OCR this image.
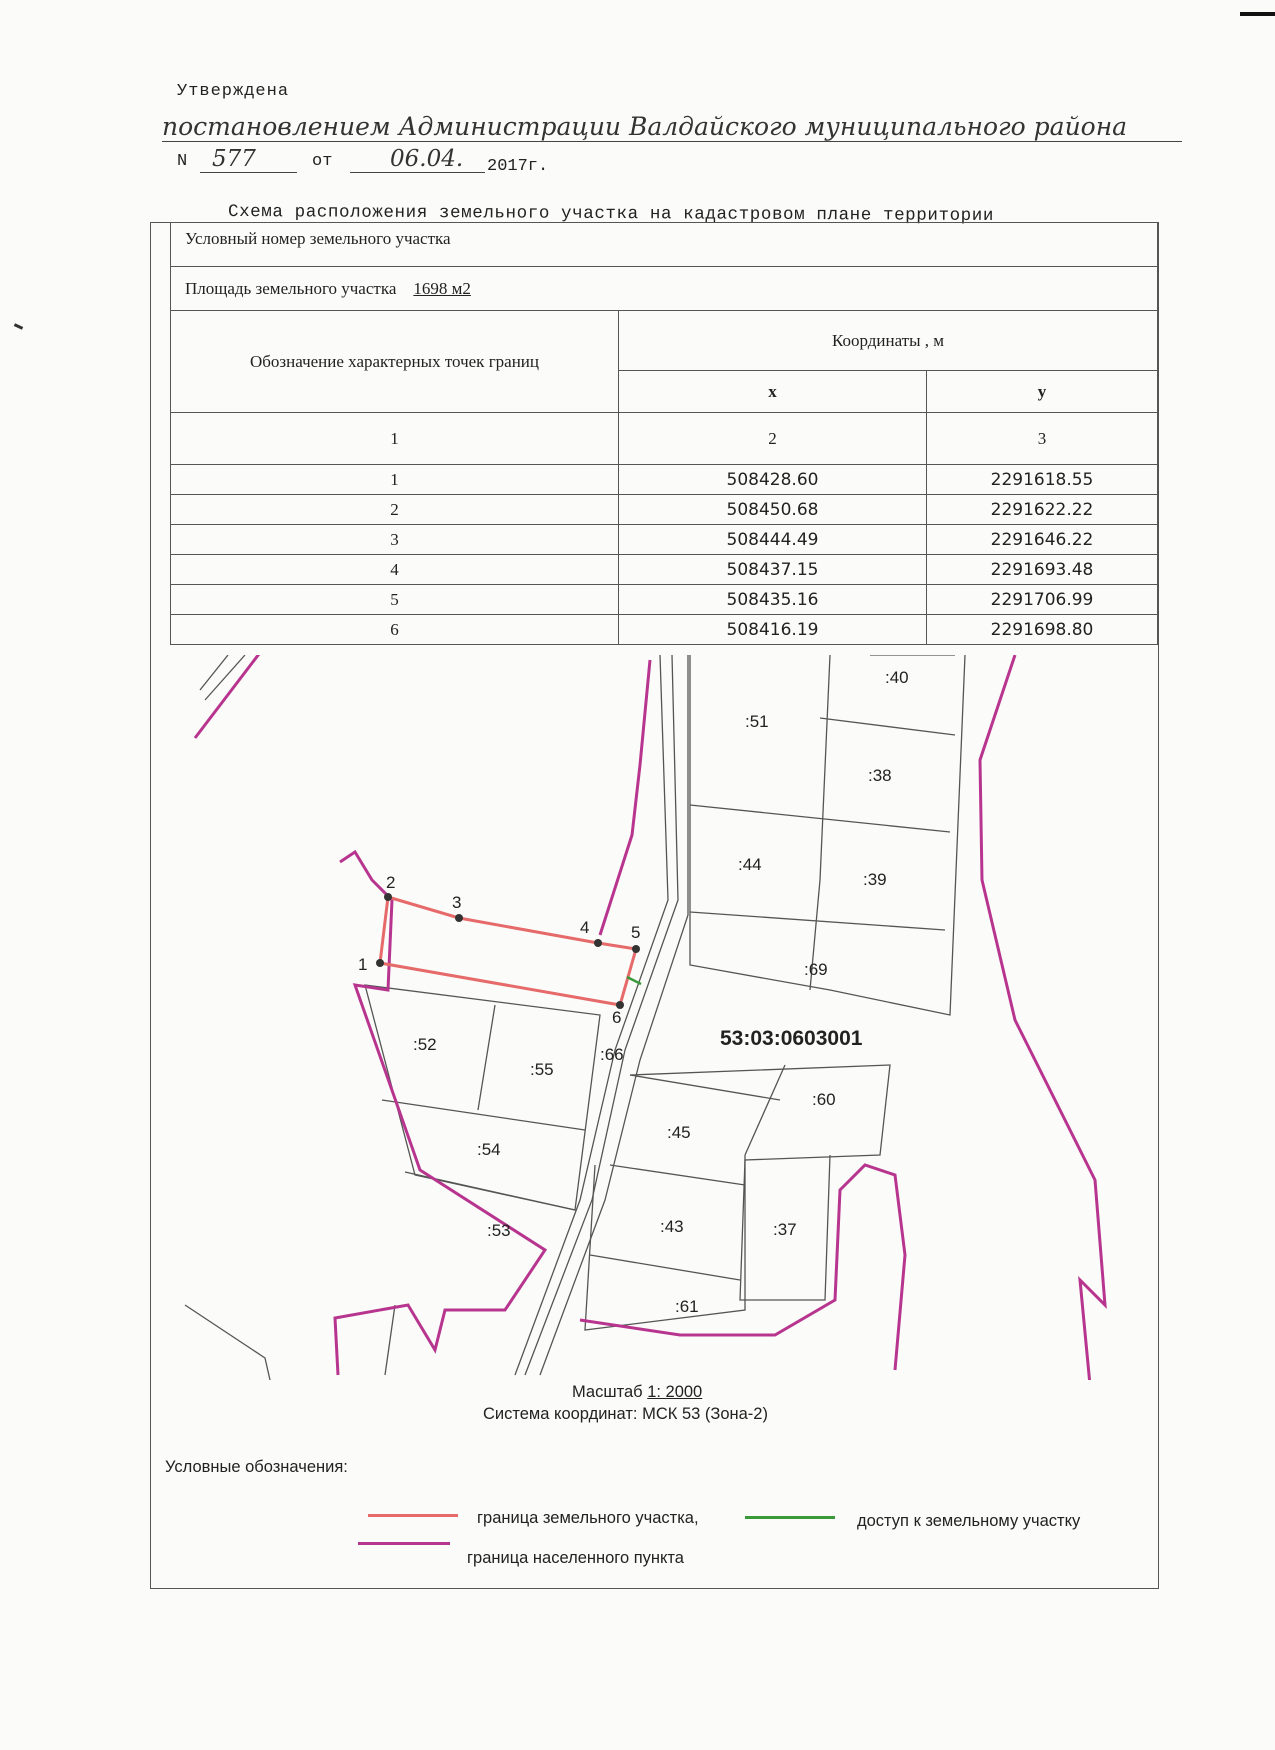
Утверждена
постановлением Администрации Валдайского муниципального района
N	577	от	06.04.	2017г.
Схема расположения земельного участка на кадастровом плане территории
Условный номер земельного участка		
Площадь земельного участка 1698 м2		
Обозначение характерных точек границ	Координаты , м	
	x	y
1	2	3
1	508428.60	2291618.55
2	508450.68	2291622.22
3	508444.49	2291646.22
4	508437.15	2291693.48
5	508435.16	2291706.99
6	508416.19	2291698.80
1
2
3
4 5
6
:40
:51
:38
:44
:39
:69
:52
:55
:66
:60
:45
:54
:43	:37
:53
:61
53:03:0603001
Масштаб 1: 2000
Система координат: МСК 53 (Зона-2)
Условные обозначения:
граница земельного участка,	доступ к земельному участку
граница населенного пункта
